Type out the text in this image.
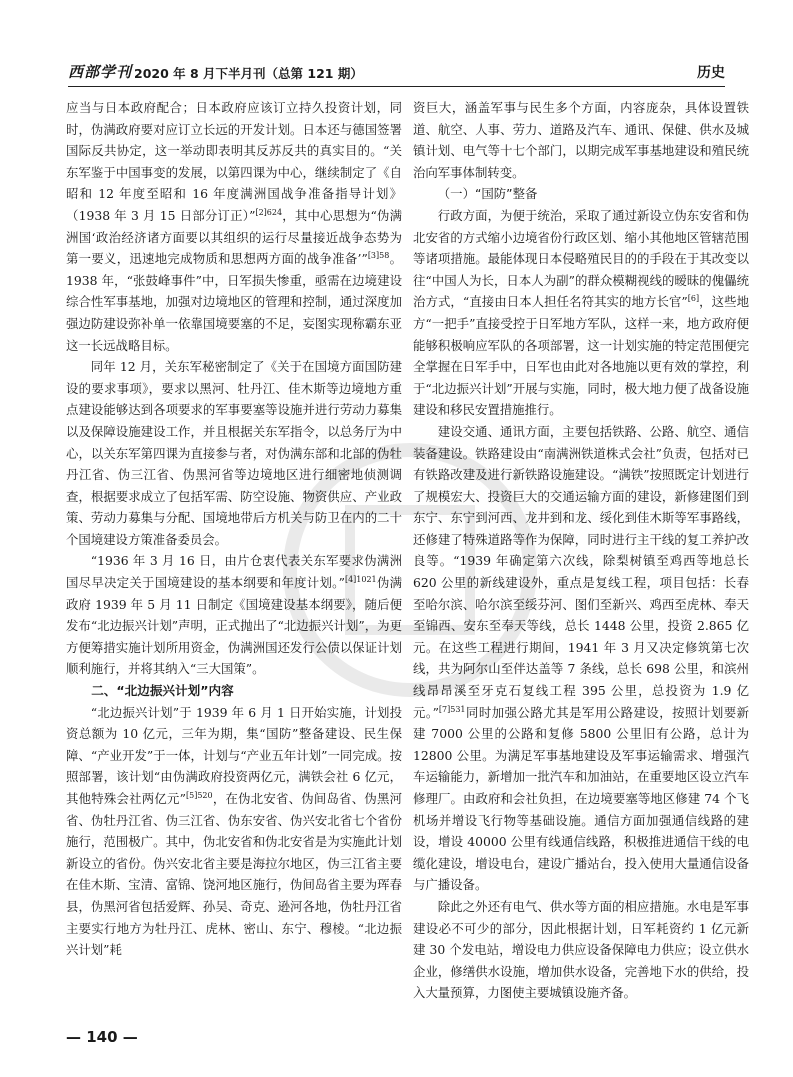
西部学刊 2020 年 8 月下半月刊（总第 121 期）	历史

应当与日本政府配合；日本政府应该订立持久投资计划，同时，伪满政府要对应订立长远的开发计划。日本还与德国签署国际反共协定，这一举动即表明其反苏反共的真实目的。“关东军鉴于中国事变的发展，以第四课为中心，继续制定了《自昭和 12 年度至昭和 16 年度满洲国战争准备指导计划》（1938 年 3 月 15 日部分订正）”$^{[2]624}$，其中心思想为“伪满洲国‘政治经济诸方面要以其组织的运行尽量接近战争态势为第一要义，迅速地完成物质和思想两方面的战争准备’”$^{[3]58}$。1938 年，“张鼓峰事件”中，日军损失惨重，亟需在边境建设综合性军事基地，加强对边境地区的管理和控制，通过深度加强边防建设弥补单一依靠国境要塞的不足，妄图实现称霸东亚这一长远战略目标。

同年 12 月，关东军秘密制定了《关于在国境方面国防建设的要求事项》，要求以黑河、牡丹江、佳木斯等边境地方重点建设能够达到各项要求的军事要塞等设施并进行劳动力募集以及保障设施建设工作，并且根据关东军指令，以总务厅为中心，以关东军第四课为直接参与者，对伪满东部和北部的伪牡丹江省、伪三江省、伪黑河省等边境地区进行细密地侦测调查，根据要求成立了包括军需、防空设施、物资供应、产业政策、劳动力募集与分配、国境地带后方机关与防卫在内的二十个国境建设方策准备委员会。

“1936 年 3 月 16 日，由片仓衷代表关东军要求伪满洲国尽早决定关于国境建设的基本纲要和年度计划。”$^{[4]1021}$伪满政府 1939 年 5 月 11 日制定《国境建设基本纲要》，随后便发布“北边振兴计划”声明，正式抛出了“北边振兴计划”，为更方便筹措实施计划所用资金，伪满洲国还发行公债以保证计划顺利施行，并将其纳入“三大国策”。

二、“北边振兴计划”内容

“北边振兴计划”于 1939 年 6 月 1 日开始实施，计划投资总额为 10 亿元，三年为期，集“国防”整备建设、民生保障、“产业开发”于一体，计划与“产业五年计划”一同完成。按照部署，该计划“由伪满政府投资两亿元，满铁会社 6 亿元，其他特殊会社两亿元”$^{[5]520}$，在伪北安省、伪间岛省、伪黑河省、伪牡丹江省、伪三江省、伪东安省、伪兴安北省七个省份施行，范围极广。其中，伪北安省和伪北安省是为实施此计划新设立的省份。伪兴安北省主要是海拉尔地区，伪三江省主要在佳木斯、宝清、富锦、饶河地区施行，伪间岛省主要为珲春县，伪黑河省包括爱辉、孙吴、奇克、逊河各地，伪牡丹江省主要实行地方为牡丹江、虎林、密山、东宁、穆棱。“北边振兴计划”耗

资巨大，涵盖军事与民生多个方面，内容庞杂，具体设置铁道、航空、人事、劳力、道路及汽车、通讯、保健、供水及城镇计划、电气等十七个部门，以期完成军事基地建设和殖民统治向军事体制转变。

（一）“国防”整备

行政方面，为便于统治，采取了通过新设立伪东安省和伪北安省的方式缩小边境省份行政区划、缩小其他地区管辖范围等诸项措施。最能体现日本侵略殖民目的的手段在于其改变以往“中国人为长，日本人为副”的群众模糊视线的暧昧的傀儡统治方式，“直接由日本人担任名符其实的地方长官”[6]，这些地方“一把手”直接受控于日军地方军队，这样一来，地方政府便能够积极响应军队的各项部署，这一计划实施的特定范围便完全掌握在日军手中，日军也由此对各地施以更有效的掌控，利于“北边振兴计划”开展与实施，同时，极大地力便了战备设施建设和移民安置措施推行。

建设交通、通讯方面，主要包括铁路、公路、航空、通信装备建设。铁路建设由“南满洲铁道株式会社”负责，包括对已有铁路改建及进行新铁路设施建设。“满铁”按照既定计划进行了规模宏大、投资巨大的交通运输方面的建设，新修建图们到东宁、东宁到河西、龙井到和龙、绥化到佳木斯等军事路线，还修建了特殊道路等作为保障，同时进行主干线的复工养护改良等。“1939 年确定第六次线，除梨树镇至鸡西等地总长 620 公里的新线建设外，重点是复线工程，项目包括：长春至哈尔滨、哈尔滨至绥芬河、图们至新兴、鸡西至虎林、奉天至锦西、安东至奉天等线，总长 1448 公里，投资 2.865 亿元。在这些工程进行期间，1941 年 3 月又决定修筑第七次线，共为阿尔山至伴达盖等 7 条线，总长 698 公里，和滨州线昂昂溪至牙克石复线工程 395 公里，总投资为 1.9 亿元。”$^{[7]531}$同时加强公路尤其是军用公路建设，按照计划要新建 7000 公里的公路和复修 5800 公里旧有公路，总计为 12800 公里。为满足军事基地建设及军事运输需求、增强汽车运输能力，新增加一批汽车和加油站，在重要地区设立汽车修理厂。由政府和会社负担，在边境要塞等地区修建 74 个飞机场并增设飞行物等基础设施。通信方面加强通信线路的建设，增设 40000 公里有线通信线路，积极推进通信干线的电缆化建设，增设电台，建设广播站台，投入使用大量通信设备与广播设备。

除此之外还有电气、供水等方面的相应措施。水电是军事建设必不可少的部分，因此根据计划，日军耗资约 1 亿元新建 30 个发电站，增设电力供应设备保障电力供应；设立供水企业，修缮供水设施，增加供水设备，完善地下水的供给，投入大量预算，力图使主要城镇设施齐备。

— 140 —
